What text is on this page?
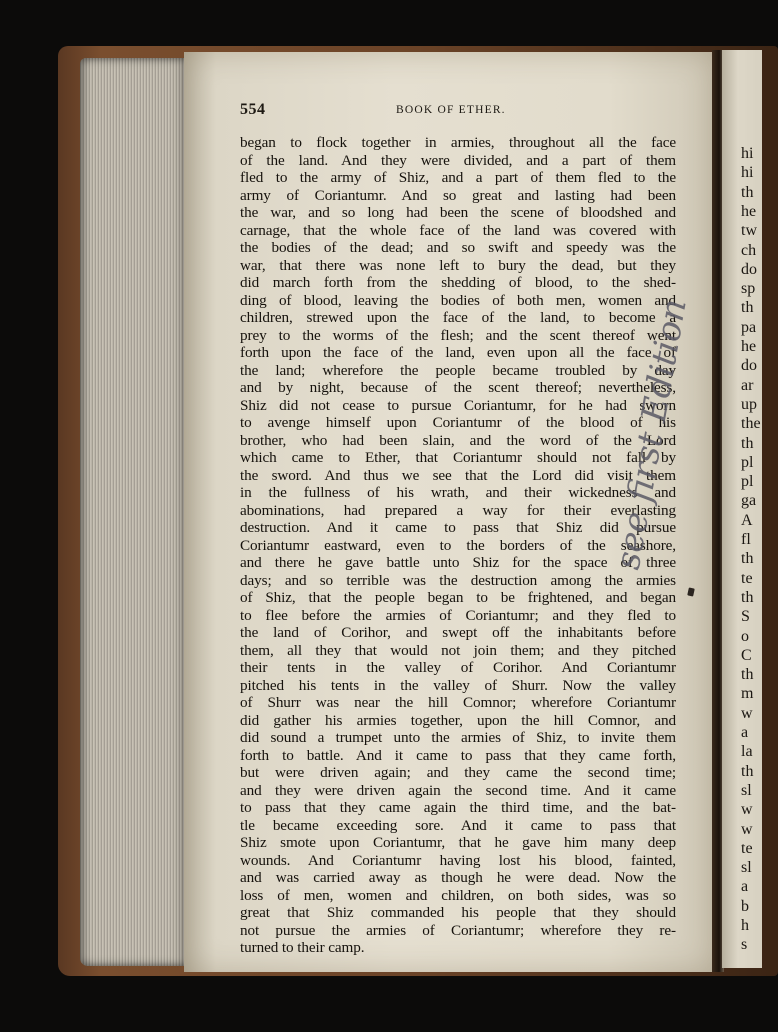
hi
hi
th
he
tw
ch
do
sp
th
pa
he
do
ar
up
the
th
pl
pl
ga
A
fl
th
te
th
S
o
C
th
m
w
a
la
th
sl
w
w
te
sl
a
b
h
s
554	BOOK OF ETHER.
began to flock together in armies, throughout all the face
of the land. And they were divided, and a part of them
fled to the army of Shiz, and a part of them fled to the
army of Coriantumr. And so great and lasting had been
the war, and so long had been the scene of bloodshed and
carnage, that the whole face of the land was covered with
the bodies of the dead; and so swift and speedy was the
war, that there was none left to bury the dead, but they
did march forth from the shedding of blood, to the shed-
ding of blood, leaving the bodies of both men, women and
children, strewed upon the face of the land, to become a
prey to the worms of the flesh; and the scent thereof went
forth upon the face of the land, even upon all the face of
the land; wherefore the people became troubled by day
and by night, because of the scent thereof; nevertheless,
Shiz did not cease to pursue Coriantumr, for he had sworn
to avenge himself upon Coriantumr of the blood of his
brother, who had been slain, and the word of the Lord
which came to Ether, that Coriantumr should not fall by
the sword. And thus we see that the Lord did visit them
in the fullness of his wrath, and their wickedness and
abominations, had prepared a way for their everlasting
destruction. And it came to pass that Shiz did pursue
Coriantumr eastward, even to the borders of the seashore,
and there he gave battle unto Shiz for the space of three
days; and so terrible was the destruction among the armies
of Shiz, that the people began to be frightened, and began
to flee before the armies of Coriantumr; and they fled to
the land of Corihor, and swept off the inhabitants before
them, all they that would not join them; and they pitched
their tents in the valley of Corihor. And Coriantumr
pitched his tents in the valley of Shurr. Now the valley
of Shurr was near the hill Comnor; wherefore Coriantumr
did gather his armies together, upon the hill Comnor, and
did sound a trumpet unto the armies of Shiz, to invite them
forth to battle. And it came to pass that they came forth,
but were driven again; and they came the second time;
and they were driven again the second time. And it came
to pass that they came again the third time, and the bat-
tle became exceeding sore. And it came to pass that
Shiz smote upon Coriantumr, that he gave him many deep
wounds. And Coriantumr having lost his blood, fainted,
and was carried away as though he were dead. Now the
loss of men, women and children, on both sides, was so
great that Shiz commanded his people that they should
not pursue the armies of Coriantumr; wherefore they re-
turned to their camp.
see first Edition
